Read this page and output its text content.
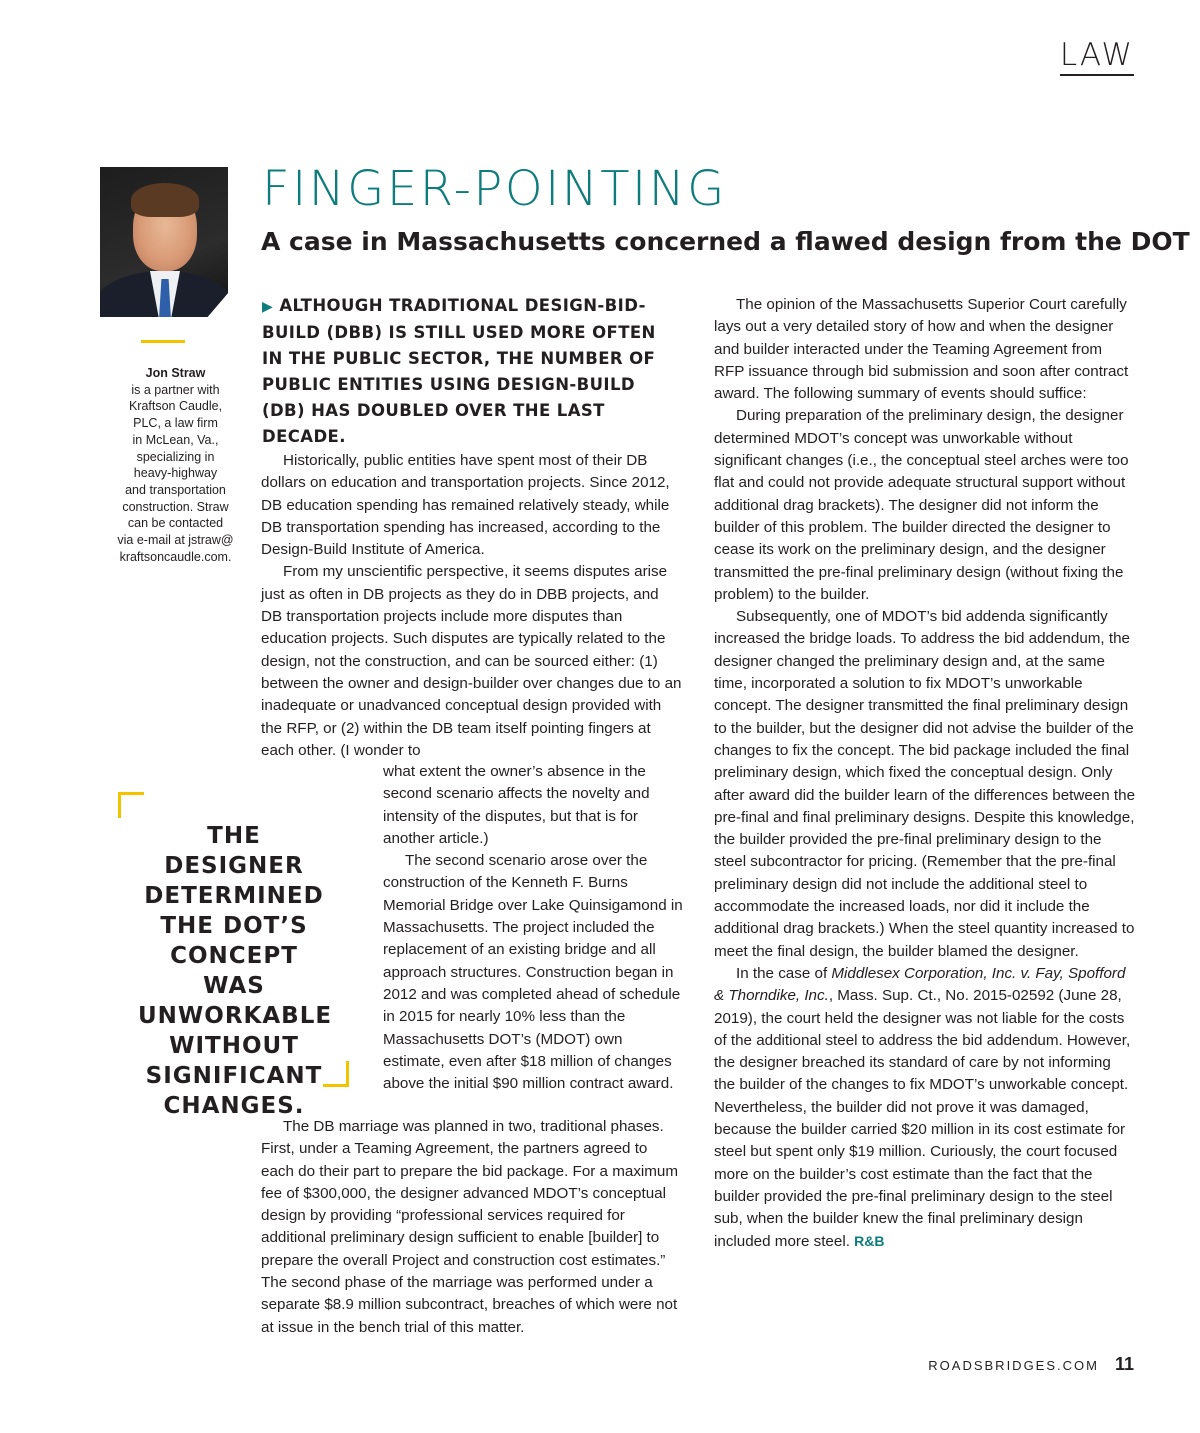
LAW
Jon Straw
is a partner with
Kraftson Caudle,
PLC, a law firm
in McLean, Va.,
specializing in
heavy-highway
and transportation
construction. Straw
can be contacted
via e-mail at jstraw@
kraftsoncaudle.com.
FINGER-POINTING
A case in Massachusetts concerned a flawed design from the DOT
▶ ALTHOUGH TRADITIONAL DESIGN-BID-BUILD (DBB) IS STILL USED MORE OFTEN IN THE PUBLIC SECTOR, THE NUMBER OF PUBLIC ENTITIES USING DESIGN-BUILD (DB) HAS DOUBLED OVER THE LAST DECADE.

Historically, public entities have spent most of their DB dollars on education and transportation projects. Since 2012, DB education spending has remained relatively steady, while DB transportation spending has increased, according to the Design-Build Institute of America.

From my unscientific perspective, it seems disputes arise just as often in DB projects as they do in DBB projects, and DB transportation projects include more disputes than education projects. Such disputes are typically related to the design, not the construction, and can be sourced either: (1) between the owner and design-builder over changes due to an inadequate or unadvanced conceptual design provided with the RFP, or (2) within the DB team itself pointing fingers at each other. (I wonder to

THE DESIGNER DETERMINED THE DOT’S CONCEPT WAS UNWORKABLE WITHOUT SIGNIFICANT CHANGES.

what extent the owner’s absence in the second scenario affects the novelty and intensity of the disputes, but that is for another article.)

The second scenario arose over the construction of the Kenneth F. Burns Memorial Bridge over Lake Quinsigamond in Massachusetts. The project included the replacement of an existing bridge and all approach structures. Construction began in 2012 and was completed ahead of schedule in 2015 for nearly 10% less than the Massachusetts DOT’s (MDOT) own estimate, even after $18 million of changes above the initial $90 million contract award.

The DB marriage was planned in two, traditional phases. First, under a Teaming Agreement, the partners agreed to each do their part to prepare the bid package. For a maximum fee of $300,000, the designer advanced MDOT’s conceptual design by providing “professional services required for additional preliminary design sufficient to enable [builder] to prepare the overall Project and construction cost estimates.” The second phase of the marriage was performed under a separate $8.9 million subcontract, breaches of which were not at issue in the bench trial of this matter.

The opinion of the Massachusetts Superior Court carefully lays out a very detailed story of how and when the designer and builder interacted under the Teaming Agreement from RFP issuance through bid submission and soon after contract award. The following summary of events should suffice:

During preparation of the preliminary design, the designer determined MDOT’s concept was unworkable without significant changes (i.e., the conceptual steel arches were too flat and could not provide adequate structural support without additional drag brackets). The designer did not inform the builder of this problem. The builder directed the designer to cease its work on the preliminary design, and the designer transmitted the pre-final preliminary design (without fixing the problem) to the builder.

Subsequently, one of MDOT’s bid addenda significantly increased the bridge loads. To address the bid addendum, the designer changed the preliminary design and, at the same time, incorporated a solution to fix MDOT’s unworkable concept. The designer transmitted the final preliminary design to the builder, but the designer did not advise the builder of the changes to fix the concept. The bid package included the final preliminary design, which fixed the conceptual design. Only after award did the builder learn of the differences between the pre-final and final preliminary designs. Despite this knowledge, the builder provided the pre-final preliminary design to the steel subcontractor for pricing. (Remember that the pre-final preliminary design did not include the additional steel to accommodate the increased loads, nor did it include the additional drag brackets.) When the steel quantity increased to meet the final design, the builder blamed the designer.

In the case of Middlesex Corporation, Inc. v. Fay, Spofford & Thorndike, Inc., Mass. Sup. Ct., No. 2015-02592 (June 28, 2019), the court held the designer was not liable for the costs of the additional steel to address the bid addendum. However, the designer breached its standard of care by not informing the builder of the changes to fix MDOT’s unworkable concept. Nevertheless, the builder did not prove it was damaged, because the builder carried $20 million in its cost estimate for steel but spent only $19 million. Curiously, the court focused more on the builder’s cost estimate than the fact that the builder provided the pre-final preliminary design to the steel sub, when the builder knew the final preliminary design included more steel. R&B

ROADSBRIDGES.COM 11
